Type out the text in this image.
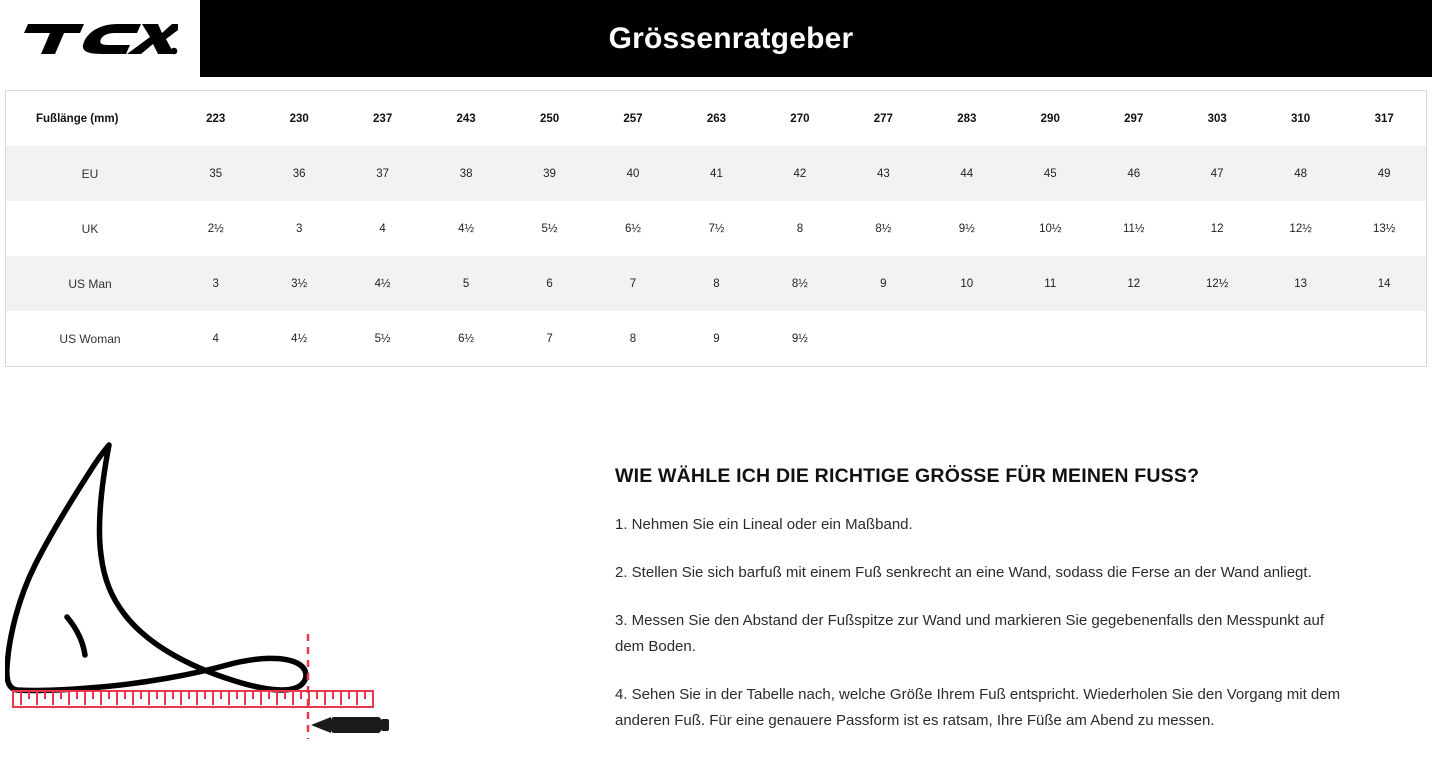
Grössenratgeber
Fußlänge (mm)	223	230	237	243	250	257	263	270	277	283	290	297	303	310	317
EU	35	36	37	38	39	40	41	42	43	44	45	46	47	48	49
UK	2½	3	4	4½	5½	6½	7½	8	8½	9½	10½	11½	12	12½	13½
US Man	3	3½	4½	5	6	7	8	8½	9	10	11	12	12½	13	14
US Woman	4	4½	5½	6½	7	8	9	9½							
WIE WÄHLE ICH DIE RICHTIGE GRÖSSE FÜR MEINEN FUSS?

1. Nehmen Sie ein Lineal oder ein Maßband.

2. Stellen Sie sich barfuß mit einem Fuß senkrecht an eine Wand, sodass die Ferse an der Wand anliegt.

3. Messen Sie den Abstand der Fußspitze zur Wand und markieren Sie gegebenenfalls den Messpunkt auf dem Boden.

4. Sehen Sie in der Tabelle nach, welche Größe Ihrem Fuß entspricht. Wiederholen Sie den Vorgang mit dem anderen Fuß. Für eine genauere Passform ist es ratsam, Ihre Füße am Abend zu messen.
